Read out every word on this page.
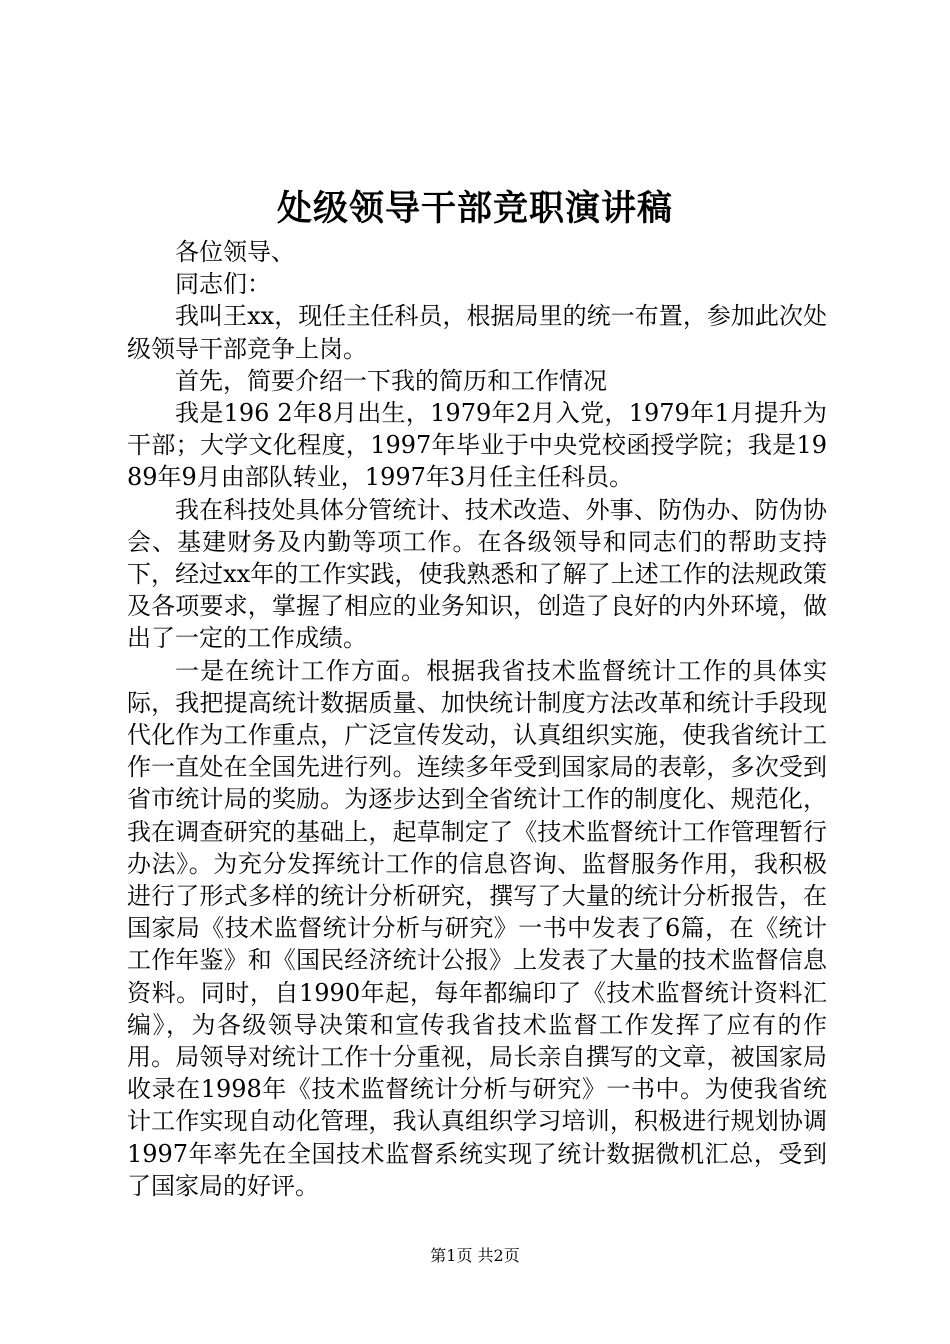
处级领导干部竞职演讲稿

各位领导、

同志们：

我叫王xx，现任主任科员，根据局里的统一布置，参加此次处级领导干部竞争上岗。

首先，简要介绍一下我的简历和工作情况

我是196 2年8月出生，1979年2月入党，1979年1月提升为干部；大学文化程度，1997年毕业于中央党校函授学院；我是1989年9月由部队转业，1997年3月任主任科员。

我在科技处具体分管统计、技术改造、外事、防伪办、防伪协会、基建财务及内勤等项工作。在各级领导和同志们的帮助支持下，经过xx年的工作实践，使我熟悉和了解了上述工作的法规政策及各项要求，掌握了相应的业务知识，创造了良好的内外环境，做出了一定的工作成绩。

一是在统计工作方面。根据我省技术监督统计工作的具体实际，我把提高统计数据质量、加快统计制度方法改革和统计手段现代化作为工作重点，广泛宣传发动，认真组织实施，使我省统计工作一直处在全国先进行列。连续多年受到国家局的表彰，多次受到省市统计局的奖励。为逐步达到全省统计工作的制度化、规范化，我在调查研究的基础上，起草制定了《技术监督统计工作管理暂行办法》。为充分发挥统计工作的信息咨询、监督服务作用，我积极进行了形式多样的统计分析研究，撰写了大量的统计分析报告，在国家局《技术监督统计分析与研究》一书中发表了6篇，在《统计工作年鉴》和《国民经济统计公报》上发表了大量的技术监督信息资料。同时，自1990年起，每年都编印了《技术监督统计资料汇编》，为各级领导决策和宣传我省技术监督工作发挥了应有的作用。局领导对统计工作十分重视，局长亲自撰写的文章，被国家局收录在1998年《技术监督统计分析与研究》一书中。为使我省统计工作实现自动化管理，我认真组织学习培训，积极进行规划协调1997年率先在全国技术监督系统实现了统计数据微机汇总，受到了国家局的好评。

第1页 共2页
